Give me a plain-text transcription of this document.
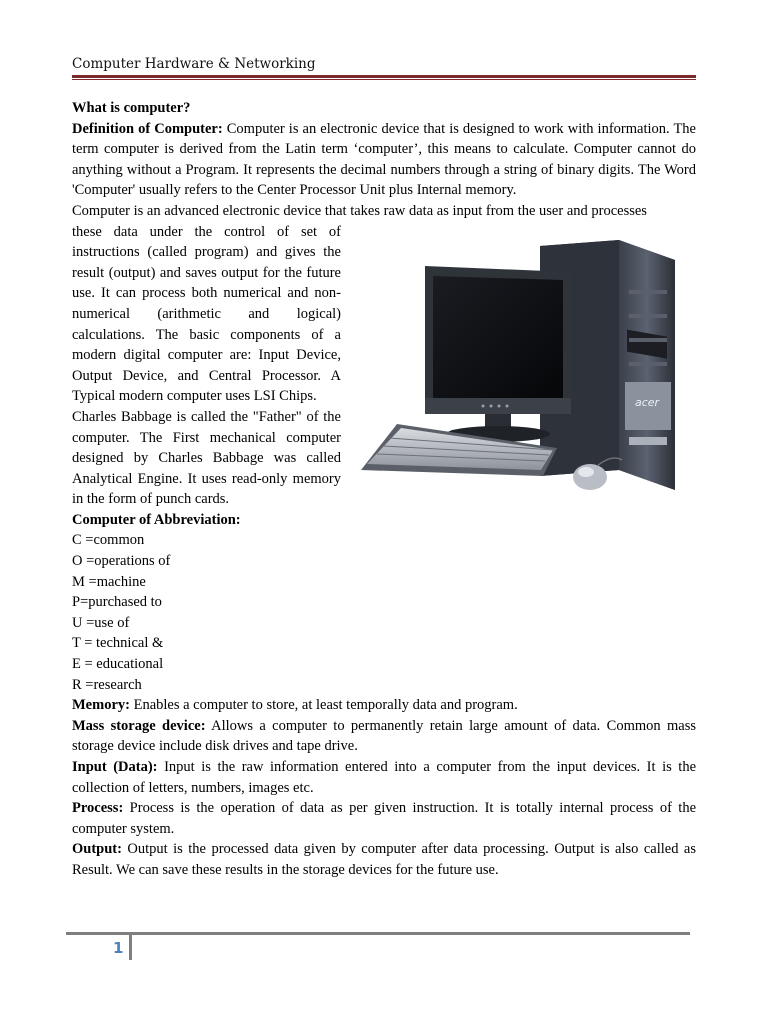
Computer Hardware & Networking

What is computer?

Definition of Computer: Computer is an electronic device that is designed to work with information. The term computer is derived from the Latin term ‘computer’, this means to calculate. Computer cannot do anything without a Program. It represents the decimal numbers through a string of binary digits. The Word 'Computer' usually refers to the Center Processor Unit plus Internal memory.

Computer is an advanced electronic device that takes raw data as input from the user and processes

these data under the control of set of instructions (called program) and gives the result (output) and saves output for the future use. It can process both numerical and non-numerical (arithmetic and logical) calculations. The basic components of a modern digital computer are: Input Device, Output Device, and Central Processor. A Typical modern computer uses LSI Chips.

Charles Babbage is called the "Father" of the computer. The First mechanical computer designed by Charles Babbage was called Analytical Engine. It uses read-only memory in the form of punch cards.

Computer of Abbreviation:

C =common

O =operations of

M =machine

P=purchased to

U =use of

T = technical &

E = educational

R =research

Memory: Enables a computer to store, at least temporally data and program.

Mass storage device: Allows a computer to permanently retain large amount of data. Common mass storage device include disk drives and tape drive.

Input (Data): Input is the raw information entered into a computer from the input devices. It is the collection of letters, numbers, images etc.

Process: Process is the operation of data as per given instruction. It is totally internal process of the computer system.

Output: Output is the processed data given by computer after data processing. Output is also called as Result. We can save these results in the storage devices for the future use.

acer
1
